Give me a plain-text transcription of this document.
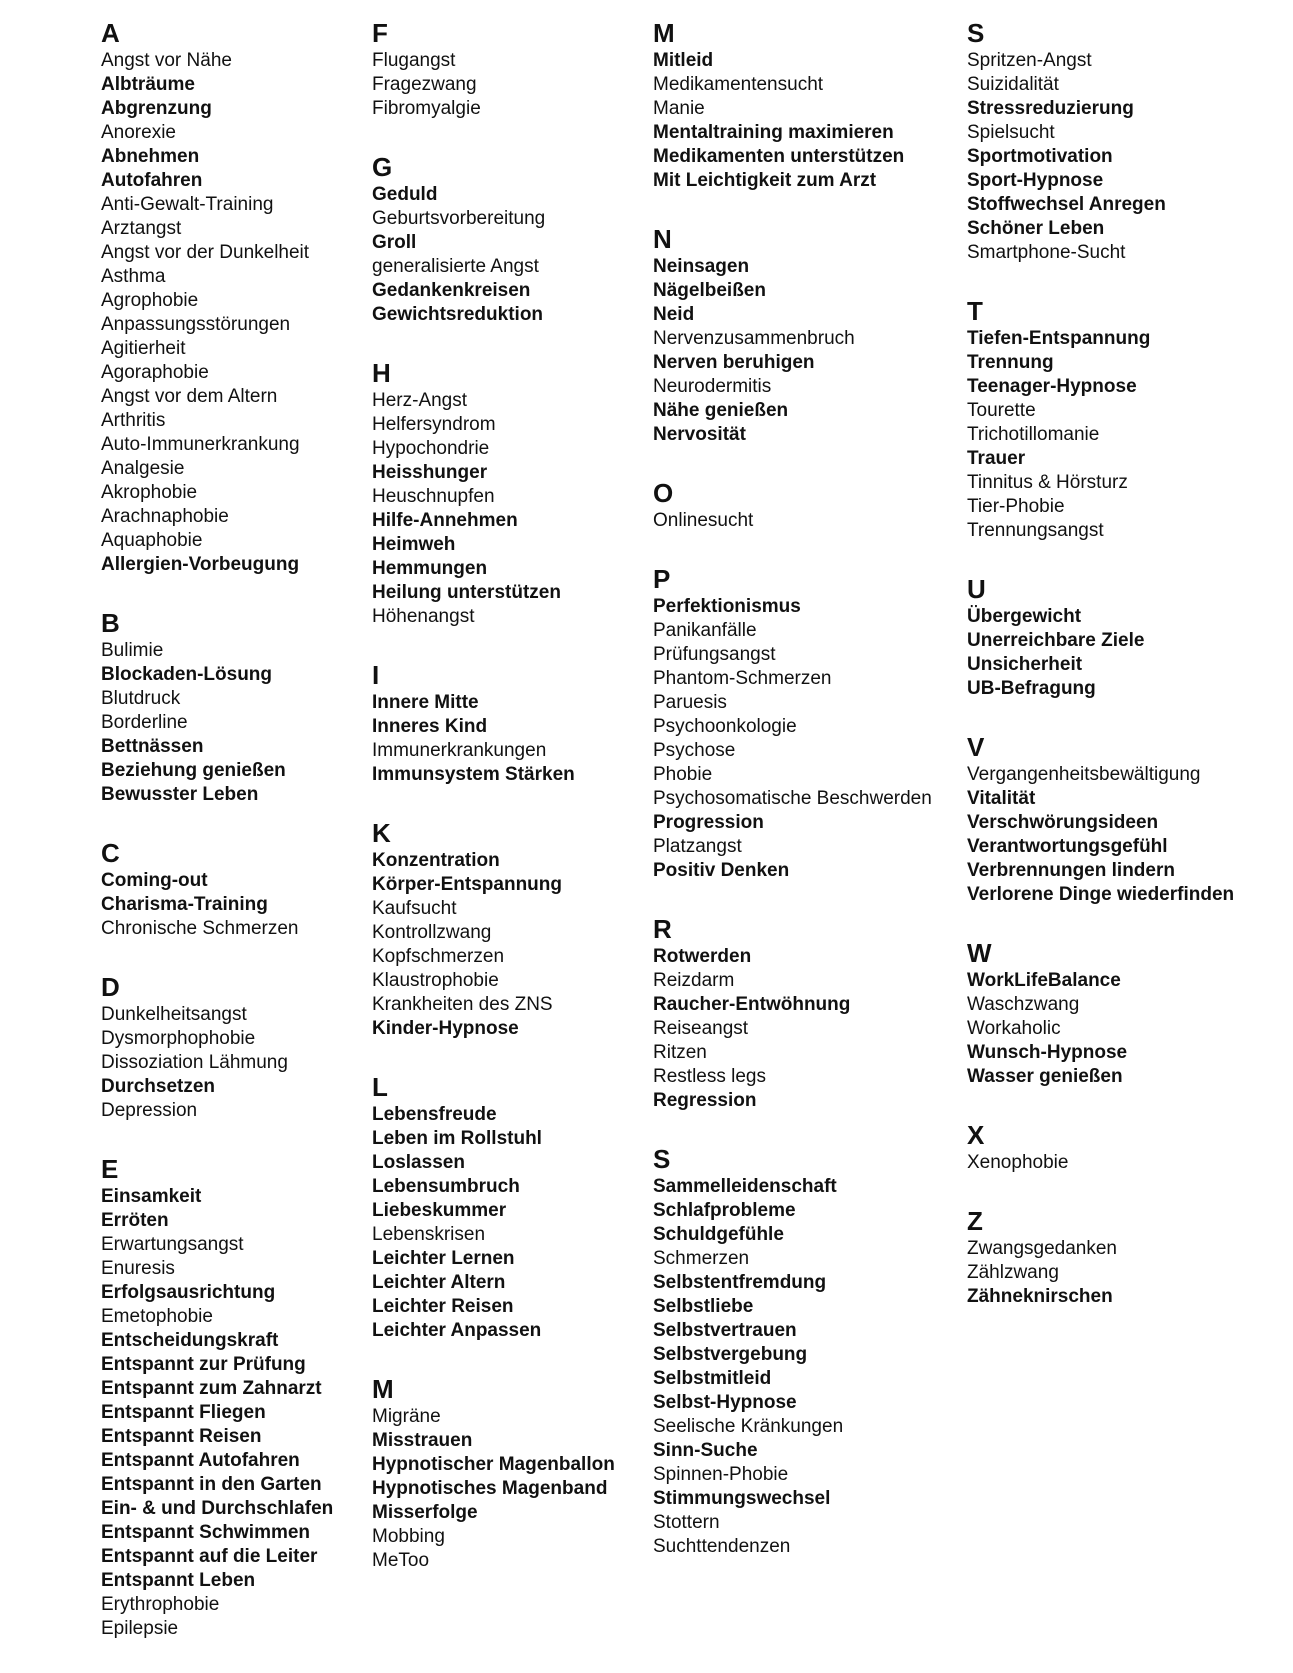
A
Angst vor Nähe
Albträume
Abgrenzung
Anorexie
Abnehmen
Autofahren
Anti-Gewalt-Training
Arztangst
Angst vor der Dunkelheit
Asthma
Agrophobie
Anpassungsstörungen
Agitierheit
Agoraphobie
Angst vor dem Altern
Arthritis
Auto-Immunerkrankung
Analgesie
Akrophobie
Arachnaphobie
Aquaphobie
Allergien-Vorbeugung
B
Bulimie
Blockaden-Lösung
Blutdruck
Borderline
Bettnässen
Beziehung genießen
Bewusster Leben
C
Coming-out
Charisma-Training
Chronische Schmerzen
D
Dunkelheitsangst
Dysmorphophobie
Dissoziation Lähmung
Durchsetzen
Depression
E
Einsamkeit
Erröten
Erwartungsangst
Enuresis
Erfolgsausrichtung
Emetophobie
Entscheidungskraft
Entspannt zur Prüfung
Entspannt zum Zahnarzt
Entspannt Fliegen
Entspannt Reisen
Entspannt Autofahren
Entspannt in den Garten
Ein- & und Durchschlafen
Entspannt Schwimmen
Entspannt auf die Leiter
Entspannt Leben
Erythrophobie
Epilepsie
F
Flugangst
Fragezwang
Fibromyalgie
G
Geduld
Geburtsvorbereitung
Groll
generalisierte Angst
Gedankenkreisen
Gewichtsreduktion
H
Herz-Angst
Helfersyndrom
Hypochondrie
Heisshunger
Heuschnupfen
Hilfe-Annehmen
Heimweh
Hemmungen
Heilung unterstützen
Höhenangst
I
Innere Mitte
Inneres Kind
Immunerkrankungen
Immunsystem Stärken
K
Konzentration
Körper-Entspannung
Kaufsucht
Kontrollzwang
Kopfschmerzen
Klaustrophobie
Krankheiten des ZNS
Kinder-Hypnose
L
Lebensfreude
Leben im Rollstuhl
Loslassen
Lebensumbruch
Liebeskummer
Lebenskrisen
Leichter Lernen
Leichter Altern
Leichter Reisen
Leichter Anpassen
M
Migräne
Misstrauen
Hypnotischer Magenballon
Hypnotisches Magenband
Misserfolge
Mobbing
MeToo
M
Mitleid
Medikamentensucht
Manie
Mentaltraining maximieren
Medikamenten unterstützen
Mit Leichtigkeit zum Arzt
N
Neinsagen
Nägelbeißen
Neid
Nervenzusammenbruch
Nerven beruhigen
Neurodermitis
Nähe genießen
Nervosität
O
Onlinesucht
P
Perfektionismus
Panikanfälle
Prüfungsangst
Phantom-Schmerzen
Paruesis
Psychoonkologie
Psychose
Phobie
Psychosomatische Beschwerden
Progression
Platzangst
Positiv Denken
R
Rotwerden
Reizdarm
Raucher-Entwöhnung
Reiseangst
Ritzen
Restless legs
Regression
S
Sammelleidenschaft
Schlafprobleme
Schuldgefühle
Schmerzen
Selbstentfremdung
Selbstliebe
Selbstvertrauen
Selbstvergebung
Selbstmitleid
Selbst-Hypnose
Seelische Kränkungen
Sinn-Suche
Spinnen-Phobie
Stimmungswechsel
Stottern
Suchttendenzen
S
Spritzen-Angst
Suizidalität
Stressreduzierung
Spielsucht
Sportmotivation
Sport-Hypnose
Stoffwechsel Anregen
Schöner Leben
Smartphone-Sucht
T
Tiefen-Entspannung
Trennung
Teenager-Hypnose
Tourette
Trichotillomanie
Trauer
Tinnitus & Hörsturz
Tier-Phobie
Trennungsangst
U
Übergewicht
Unerreichbare Ziele
Unsicherheit
UB-Befragung
V
Vergangenheitsbewältigung
Vitalität
Verschwörungsideen
Verantwortungsgefühl
Verbrennungen lindern
Verlorene Dinge wiederfinden
W
WorkLifeBalance
Waschzwang
Workaholic
Wunsch-Hypnose
Wasser genießen
X
Xenophobie
Z
Zwangsgedanken
Zählzwang
Zähneknirschen
